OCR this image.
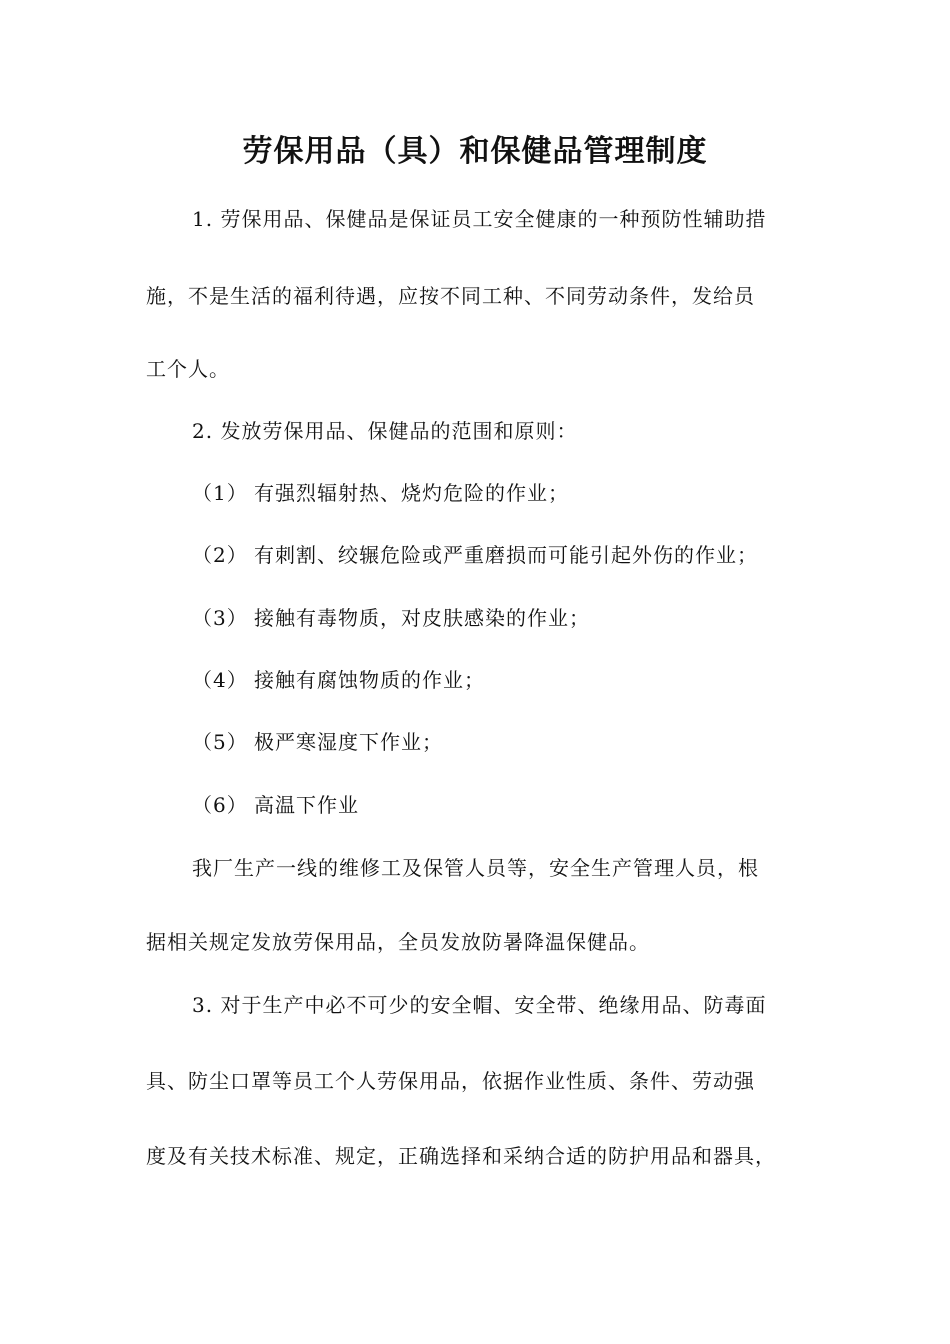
劳保用品（具）和保健品管理制度

1. 劳保用品、保健品是保证员工安全健康的一种预防性辅助措

施，不是生活的福利待遇，应按不同工种、不同劳动条件，发给员

工个人。

2. 发放劳保用品、保健品的范围和原则：

（1） 有强烈辐射热、烧灼危险的作业；

（2） 有刺割、绞辗危险或严重磨损而可能引起外伤的作业；

（3） 接触有毒物质，对皮肤感染的作业；

（4） 接触有腐蚀物质的作业；

（5） 极严寒湿度下作业；

（6） 高温下作业

我厂生产一线的维修工及保管人员等，安全生产管理人员，根

据相关规定发放劳保用品，全员发放防暑降温保健品。

3. 对于生产中必不可少的安全帽、安全带、绝缘用品、防毒面

具、防尘口罩等员工个人劳保用品，依据作业性质、条件、劳动强

度及有关技术标准、规定，正确选择和采纳合适的防护用品和器具，
